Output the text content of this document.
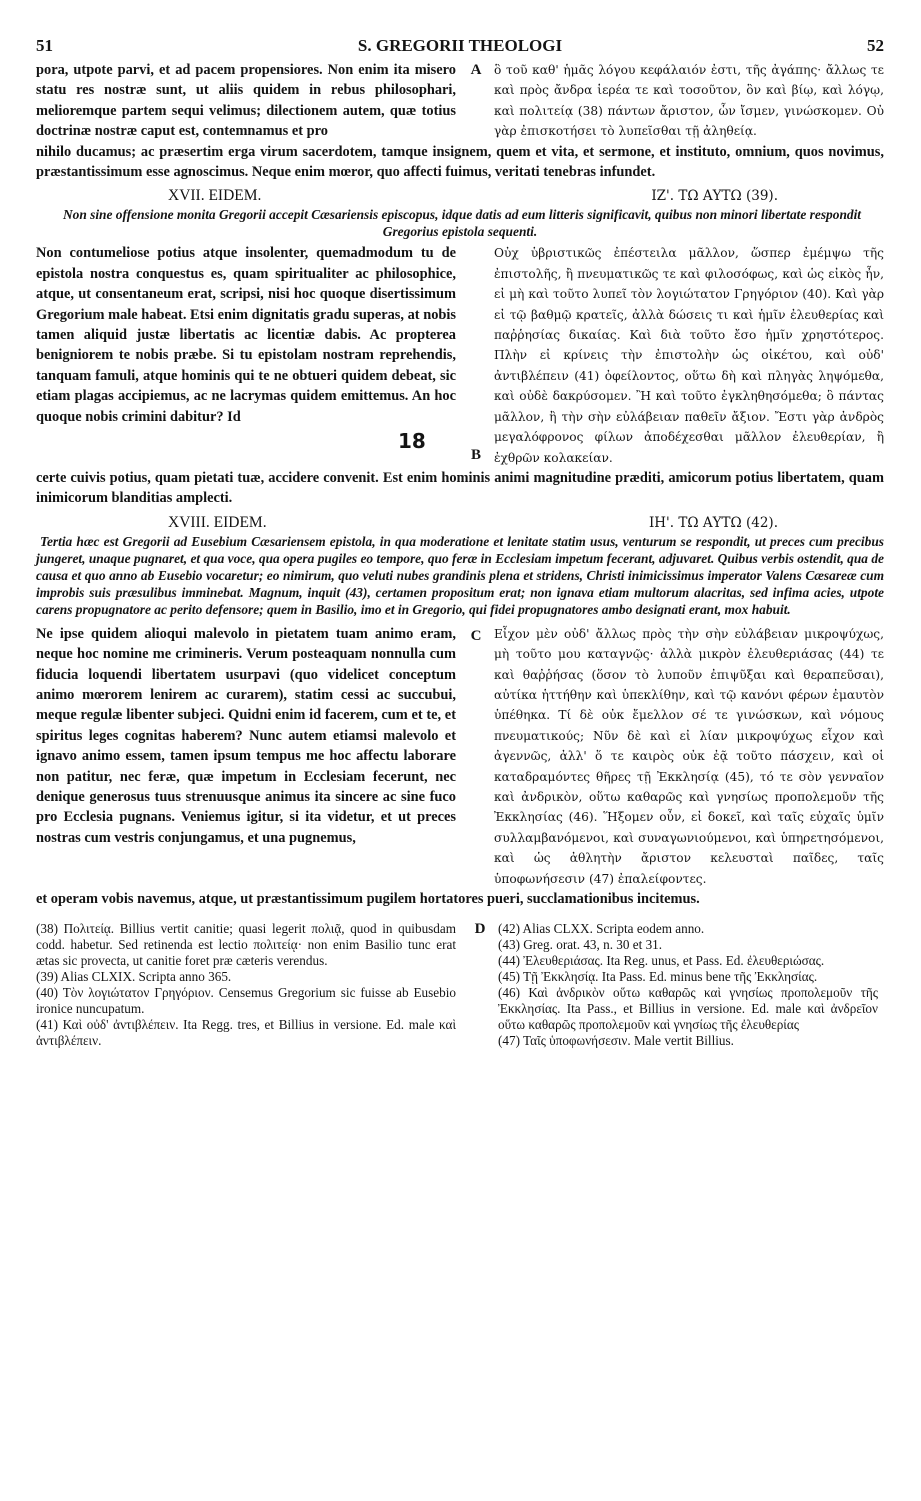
51	S. GREGORII THEOLOGI	52
A

pora, utpote parvi, et ad pacem propensiores. Non enim ita misero statu res nostræ sunt, ut aliis quidem in rebus philosophari, melioremque partem sequi velimus; dilectionem autem, quæ totius doctrinæ nostræ caput est, contemnamus et pro

ὃ τοῦ καθ' ἡμᾶς λόγου κεφάλαιόν ἐστι, τῆς ἀγάπης· ἄλλως τε καὶ πρὸς ἄνδρα ἱερέα τε καὶ τοσοῦτον, ὃν καὶ βίῳ, καὶ λόγῳ, καὶ πολιτείᾳ (38) πάντων ἄριστον, ὧν ἴσμεν, γινώσκομεν. Οὐ γὰρ ἐπισκοτήσει τὸ λυπεῖσθαι τῇ ἀληθείᾳ.

nihilo ducamus; ac præsertim erga virum sacerdotem, tamque insignem, quem et vita, et sermone, et instituto, omnium, quos novimus, præstantissimum esse agnoscimus. Neque enim mœror, quo affecti fuimus, veritati tenebras infundet.

XVII. EIDEM.	ΙΖ'. ΤΩ ΑΥΤΩ (39).

Non sine offensione monita Gregorii accepit Cæsariensis episcopus, idque datis ad eum litteris significavit, quibus non minori libertate respondit Gregorius epistola sequenti.

18
B

Non contumeliose potius atque insolenter, quemadmodum tu de epistola nostra conquestus es, quam spiritualiter ac philosophice, atque, ut consentaneum erat, scripsi, nisi hoc quoque disertissimum Gregorium male habeat. Etsi enim dignitatis gradu superas, at nobis tamen aliquid justæ libertatis ac licentiæ dabis. Ac propterea benigniorem te nobis præbe. Si tu epistolam nostram reprehendis, tanquam famuli, atque hominis qui te ne obtueri quidem debeat, sic etiam plagas accipiemus, ac ne lacrymas quidem emittemus. An hoc quoque nobis crimini dabitur? Id

Οὐχ ὑβριστικῶς ἐπέστειλα μᾶλλον, ὥσπερ ἐμέμψω τῆς ἐπιστολῆς, ἢ πνευματικῶς τε καὶ φιλοσόφως, καὶ ὡς εἰκὸς ἦν, εἰ μὴ καὶ τοῦτο λυπεῖ τὸν λογιώτατον Γρηγόριον (40). Καὶ γὰρ εἰ τῷ βαθμῷ κρατεῖς, ἀλλὰ δώσεις τι καὶ ἡμῖν ἐλευθερίας καὶ παῤῥησίας δικαίας. Καὶ διὰ τοῦτο ἔσο ἡμῖν χρηστότερος. Πλὴν εἰ κρίνεις τὴν ἐπιστολὴν ὡς οἰκέτου, καὶ οὐδ' ἀντιβλέπειν (41) ὀφείλοντος, οὕτω δὴ καὶ πληγὰς ληψόμεθα, καὶ οὐδὲ δακρύσομεν. Ἢ καὶ τοῦτο ἐγκληθησόμεθα; ὃ πάντας μᾶλλον, ἢ τὴν σὴν εὐλάβειαν παθεῖν ἄξιον. Ἔστι γὰρ ἀνδρὸς μεγαλόφρονος φίλων ἀποδέχεσθαι μᾶλλον ἐλευθερίαν, ἢ ἐχθρῶν κολακείαν.

certe cuivis potius, quam pietati tuæ, accidere convenit. Est enim hominis animi magnitudine præditi, amicorum potius libertatem, quam inimicorum blanditias amplecti.

XVIII. EIDEM.	ΙΗ'. ΤΩ ΑΥΤΩ (42).

Tertia hæc est Gregorii ad Eusebium Cæsariensem epistola, in qua moderatione et lenitate statim usus, venturum se respondit, ut preces cum precibus jungeret, unaque pugnaret, et qua voce, qua opera pugiles eo tempore, quo feræ in Ecclesiam impetum fecerant, adjuvaret. Quibus verbis ostendit, qua de causa et quo anno ab Eusebio vocaretur; eo nimirum, quo veluti nubes grandinis plena et stridens, Christi inimicissimus imperator Valens Cæsareæ cum improbis suis præsulibus imminebat. Magnum, inquit (43), certamen propositum erat; non ignava etiam multorum alacritas, sed infima acies, utpote carens propugnatore ac perito defensore; quem in Basilio, imo et in Gregorio, qui fidei propugnatores ambo designati erant, mox habuit.

C

Ne ipse quidem alioqui malevolo in pietatem tuam animo eram, neque hoc nomine me crimineris. Verum posteaquam nonnulla cum fiducia loquendi libertatem usurpavi (quo videlicet conceptum animo mœrorem lenirem ac curarem), statim cessi ac succubui, meque regulæ libenter subjeci. Quidni enim id facerem, cum et te, et spiritus leges cognitas haberem? Nunc autem etiamsi malevolo et ignavo animo essem, tamen ipsum tempus me hoc affectu laborare non patitur, nec feræ, quæ impetum in Ecclesiam fecerunt, nec denique generosus tuus strenuusque animus ita sincere ac sine fuco pro Ecclesia pugnans. Veniemus igitur, si ita videtur, et ut preces nostras cum vestris conjungamus, et una pugnemus,

Εἶχον μὲν οὐδ' ἄλλως πρὸς τὴν σὴν εὐλάβειαν μικροψύχως, μὴ τοῦτο μου καταγνῷς· ἀλλὰ μικρὸν ἐλευθεριάσας (44) τε καὶ θαῤῥήσας (ὅσον τὸ λυποῦν ἐπιψῦξαι καὶ θεραπεῦσαι), αὐτίκα ἡττήθην καὶ ὑπεκλίθην, καὶ τῷ κανόνι φέρων ἐμαυτὸν ὑπέθηκα. Τί δὲ οὐκ ἔμελλον σέ τε γινώσκων, καὶ νόμους πνευματικούς; Νῦν δὲ καὶ εἰ λίαν μικροψύχως εἶχον καὶ ἀγεννῶς, ἀλλ' ὅ τε καιρὸς οὐκ ἐᾷ τοῦτο πάσχειν, καὶ οἱ καταδραμόντες θῆρες τῇ Ἐκκλησίᾳ (45), τό τε σὸν γενναῖον καὶ ἀνδρικὸν, οὕτω καθαρῶς καὶ γνησίως προπολεμοῦν τῆς Ἐκκλησίας (46). Ἥξομεν οὖν, εἰ δοκεῖ, καὶ ταῖς εὐχαῖς ὑμῖν συλλαμβανόμενοι, καὶ συναγωνιούμενοι, καὶ ὑπηρετησόμενοι, καὶ ὡς ἀθλητὴν ἄριστον κελευσταὶ παῖδες, ταῖς ὑποφωνήσεσιν (47) ἐπαλείφοντες.

et operam vobis navemus, atque, ut præstantissimum pugilem hortatores pueri, succlamationibus incitemus.

D

(38) Πολιτείᾳ. Billius vertit canitie; quasi legerit πολιᾷ, quod in quibusdam codd. habetur. Sed retinenda est lectio πολιτείᾳ· non enim Basilio tunc erat ætas sic provecta, ut canitie foret præ cæteris verendus.

(39) Alias CLXIX. Scripta anno 365.

(40) Τὸν λογιώτατον Γρηγόριον. Censemus Gregorium sic fuisse ab Eusebio ironice nuncupatum.

(41) Καὶ οὐδ' ἀντιβλέπειν. Ita Regg. tres, et Billius in versione. Ed. male καὶ ἀντιβλέπειν.

(42) Alias CLXX. Scripta eodem anno.

(43) Greg. orat. 43, n. 30 et 31.

(44) Ἐλευθεριάσας. Ita Reg. unus, et Pass. Ed. ἐλευθεριώσας.

(45) Τῇ Ἐκκλησίᾳ. Ita Pass. Ed. minus bene τῆς Ἐκκλησίας.

(46) Καὶ ἀνδρικὸν οὕτω καθαρῶς καὶ γνησίως προπολεμοῦν τῆς Ἐκκλησίας. Ita Pass., et Billius in versione. Ed. male καὶ ἀνδρεῖον οὕτω καθαρῶς προπολεμοῦν καὶ γνησίως τῆς ἐλευθερίας

(47) Ταῖς ὑποφωνήσεσιν. Male vertit Billius.
